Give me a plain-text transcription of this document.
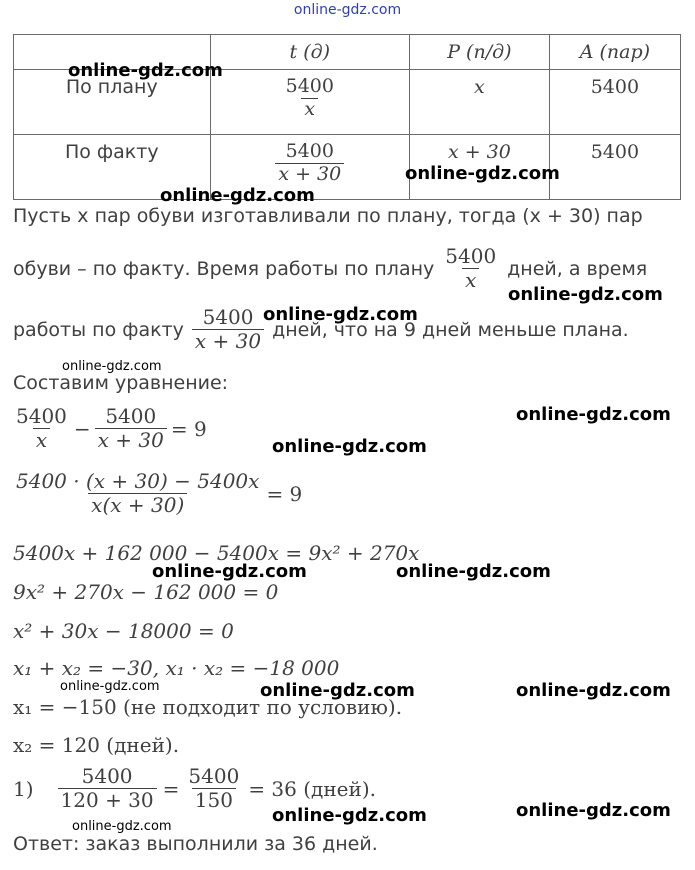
online-gdz.com
	t (д)	P (п/д)	A (пар)

По плану	$\frac{5400}{x}$	x	5400

По факту	$\frac{5400}{x + 30}$	x + 30	5400
Пусть x пар обуви изготавливали по плану, тогда (x + 30) пар
обуви – по факту. Время работы по плану $\frac{5400}{x}$ дней, а время
работы по факту $\frac{5400}{x + 30}$ дней, что на 9 дней меньше плана.
Составим уравнение:
$\frac{5400}{x} - \frac{5400}{x + 30} = 9$
$\frac{5400 \cdot (x + 30) - 5400x}{x(x + 30)} = 9$
5400x + 162 000 − 5400x = 9x² + 270x
9x² + 270x − 162 000 = 0
x² + 30x − 18000 = 0
x₁ + x₂ = −30, x₁ · x₂ = −18 000
x₁ = −150 (не подходит по условию).
x₂ = 120 (дней).
$1) \frac{5400}{120 + 30} = \frac{5400}{150} = 36$ (дней).
Ответ: заказ выполнили за 36 дней.
online-gdz.com
online-gdz.com
online-gdz.com
online-gdz.com
online-gdz.com
online-gdz.com
online-gdz.com
online-gdz.com
online-gdz.com	online-gdz.com
online-gdz.com	online-gdz.com	online-gdz.com
online-gdz.com
online-gdz.com
online-gdz.com
